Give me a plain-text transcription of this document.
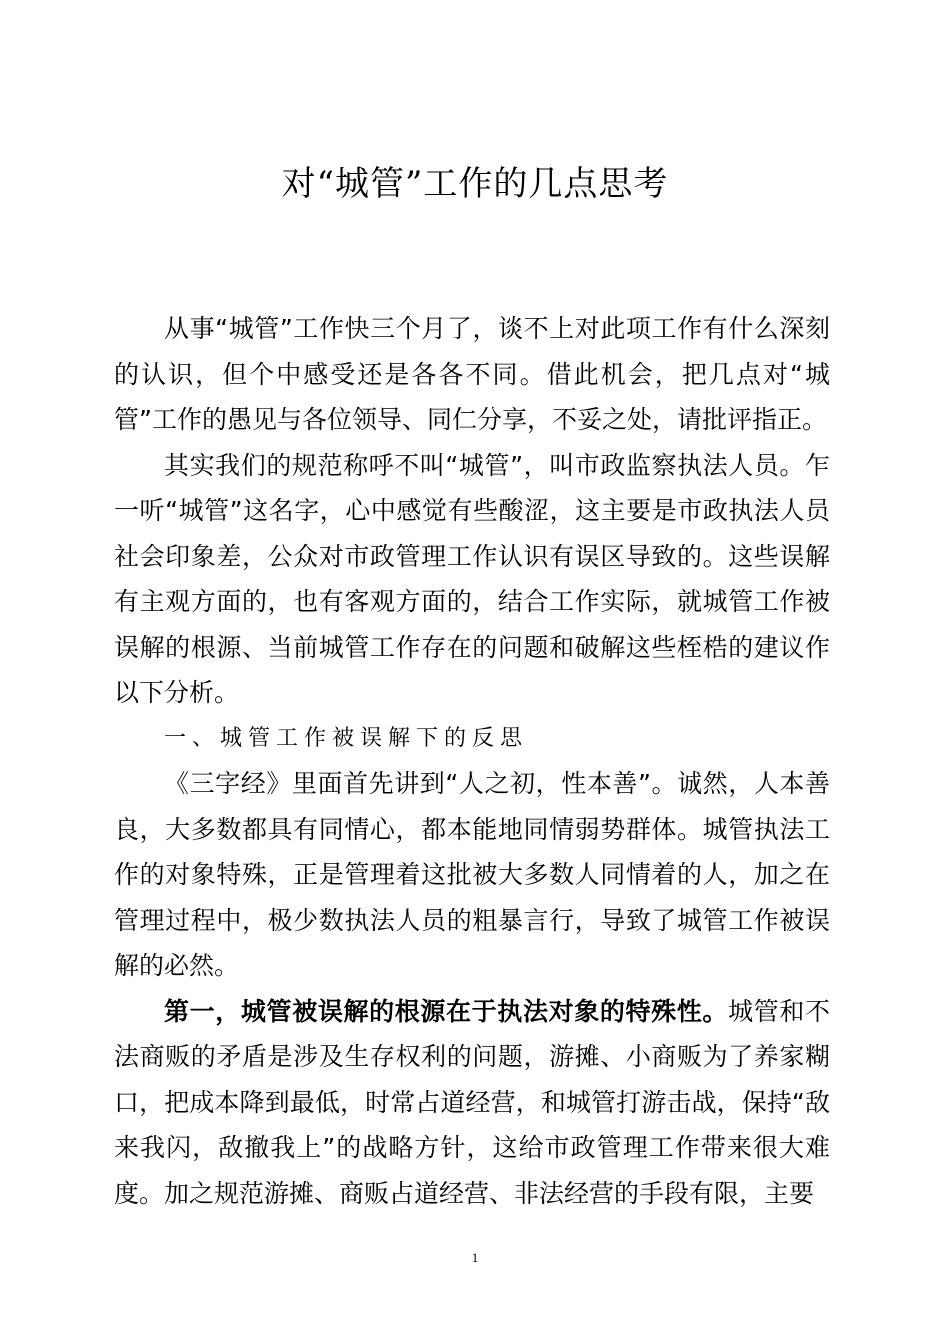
对“城管”工作的几点思考

从事“城管”工作快三个月了，谈不上对此项工作有什么深刻的认识，但个中感受还是各各不同。借此机会，把几点对“城管”工作的愚见与各位领导、同仁分享，不妥之处，请批评指正。

其实我们的规范称呼不叫“城管”，叫市政监察执法人员。乍一听“城管”这名字，心中感觉有些酸涩，这主要是市政执法人员社会印象差，公众对市政管理工作认识有误区导致的。这些误解有主观方面的，也有客观方面的，结合工作实际，就城管工作被误解的根源、当前城管工作存在的问题和破解这些桎梏的建议作以下分析。

一、城管工作被误解下的反思

《三字经》里面首先讲到“人之初，性本善”。诚然，人本善良，大多数都具有同情心，都本能地同情弱势群体。城管执法工作的对象特殊，正是管理着这批被大多数人同情着的人，加之在管理过程中，极少数执法人员的粗暴言行，导致了城管工作被误解的必然。

第一，城管被误解的根源在于执法对象的特殊性。城管和不法商贩的矛盾是涉及生存权利的问题，游摊、小商贩为了养家糊口，把成本降到最低，时常占道经营，和城管打游击战，保持“敌来我闪，敌撤我上”的战略方针，这给市政管理工作带来很大难度。加之规范游摊、商贩占道经营、非法经营的手段有限，主要

1
